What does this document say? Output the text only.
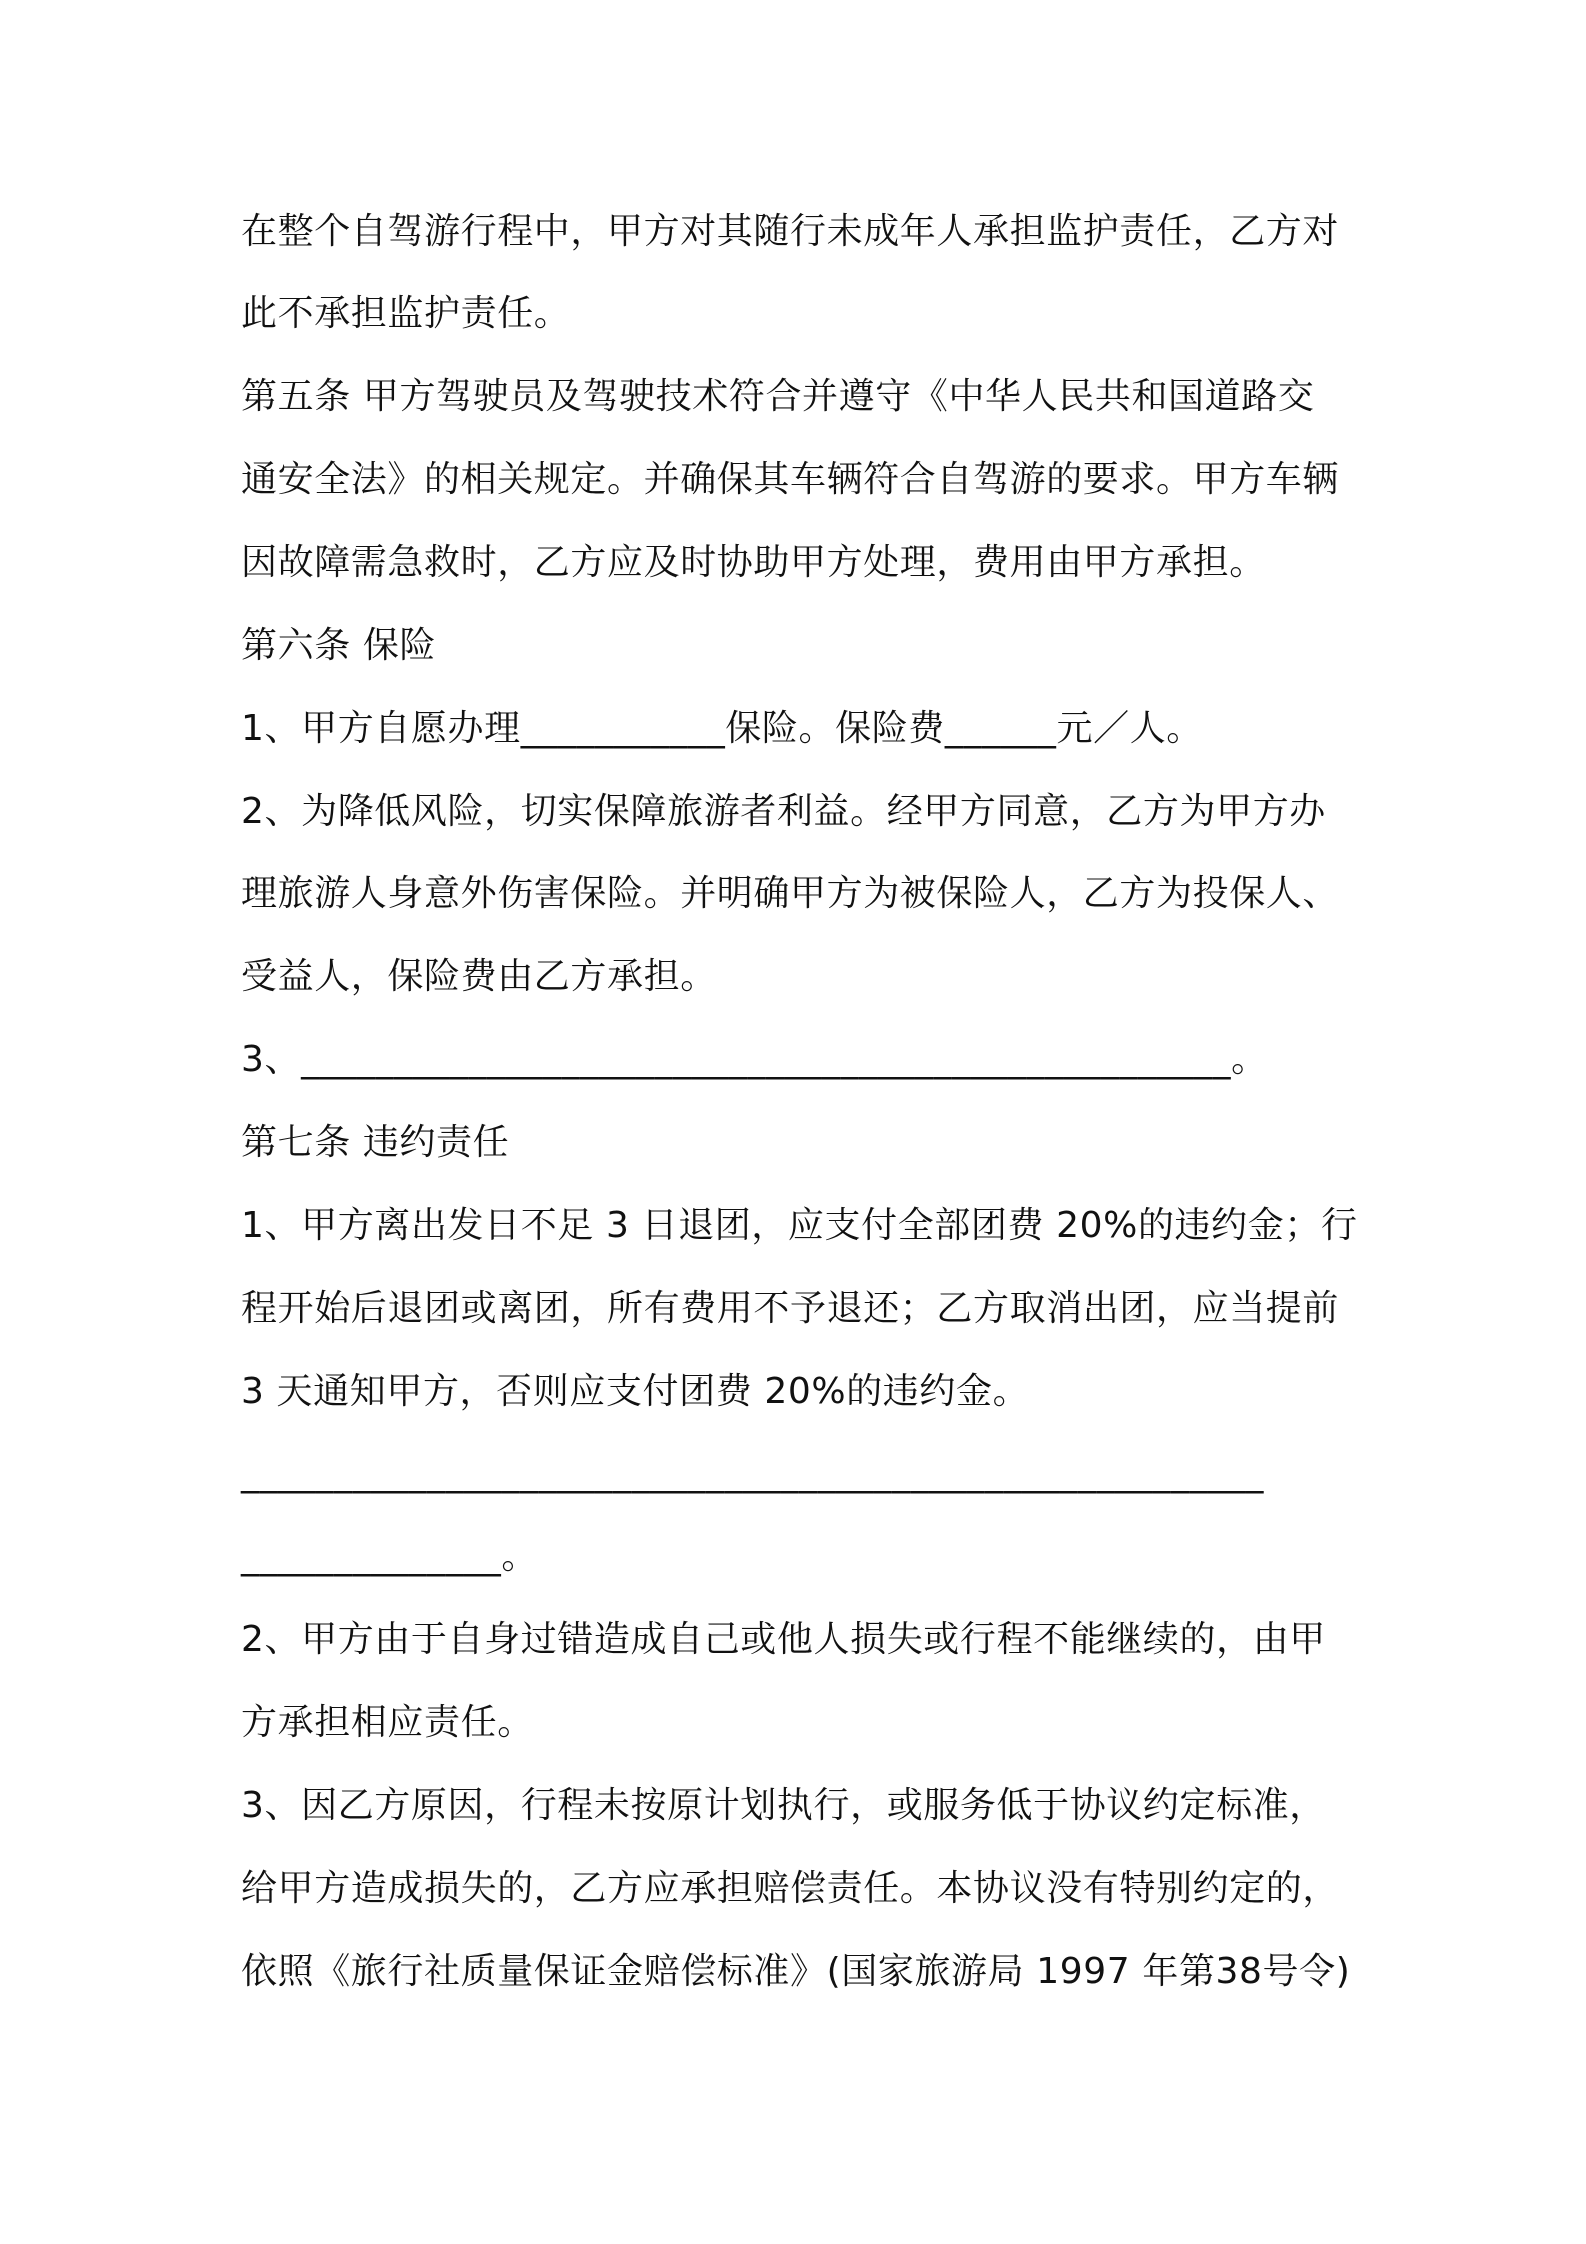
在整个自驾游行程中，甲方对其随行未成年人承担监护责任，乙方对

此不承担监护责任。

第五条 甲方驾驶员及驾驶技术符合并遵守《中华人民共和国道路交

通安全法》的相关规定。并确保其车辆符合自驾游的要求。甲方车辆

因故障需急救时，乙方应及时协助甲方处理，费用由甲方承担。

第六条 保险

1、甲方自愿办理___________保险。保险费______元／人。

2、为降低风险，切实保障旅游者利益。经甲方同意，乙方为甲方办

理旅游人身意外伤害保险。并明确甲方为被保险人，乙方为投保人、

受益人，保险费由乙方承担。

3、__________________________________________________。

第七条 违约责任

1、甲方离出发日不足 3 日退团，应支付全部团费 20%的违约金；行

程开始后退团或离团，所有费用不予退还；乙方取消出团，应当提前

3 天通知甲方，否则应支付团费 20%的违约金。

_______________________________________________________

______________。

2、甲方由于自身过错造成自己或他人损失或行程不能继续的，由甲

方承担相应责任。

3、因乙方原因，行程未按原计划执行，或服务低于协议约定标准，

给甲方造成损失的，乙方应承担赔偿责任。本协议没有特别约定的，

依照《旅行社质量保证金赔偿标准》(国家旅游局 1997 年第38号令)
